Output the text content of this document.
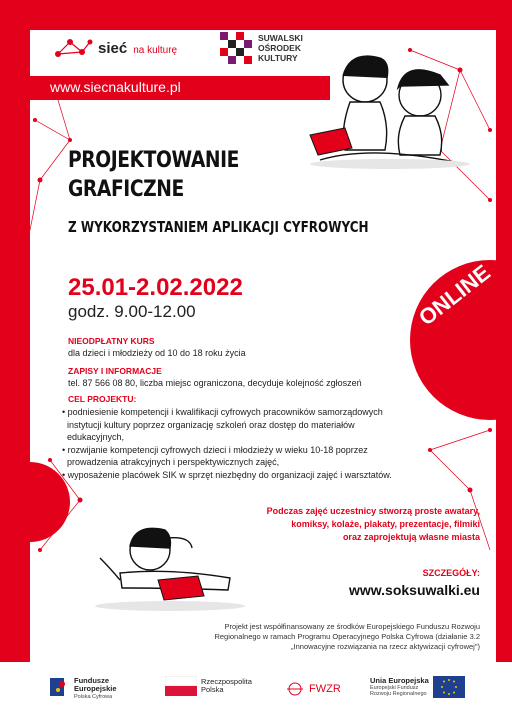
sieć na kulturę
SUWALSKI
OŚRODEK
KULTURY
www.siecnakulture.pl
PROJEKTOWANIE
GRAFICZNE
Z WYKORZYSTANIEM APLIKACJI CYFROWYCH
25.01-2.02.2022
godz. 9.00-12.00	ONLINE
NIEODPŁATNY KURS
dla dzieci i młodzieży od 10 do 18 roku życia
ZAPISY I INFORMACJE
tel. 87 566 08 80, liczba miejsc ograniczona, decyduje kolejność zgłoszeń
CEL PROJEKTU:
• podniesienie kompetencji i kwalifikacji cyfrowych pracowników samorządowych
instytucji kultury poprzez organizację szkoleń oraz dostęp do materiałów
edukacyjnych,
• rozwijanie kompetencji cyfrowych dzieci i młodzieży w wieku 10-18 poprzez
prowadzenia atrakcyjnych i perspektywicznych zajęć,
• wyposażenie placówek SIK w sprzęt niezbędny do organizacji zajęć i warsztatów.
Podczas zajęć uczestnicy stworzą proste awatary,
komiksy, kolaże, plakaty, prezentacje, filmiki
oraz zaprojektują własne miasta
SZCZEGÓŁY:
www.soksuwalki.eu
Projekt jest współfinansowany ze środków Europejskiego Funduszu Rozwoju
Regionalnego w ramach Programu Operacyjnego Polska Cyfrowa (działanie 3.2
„Innowacyjne rozwiązania na rzecz aktywizacji cyfrowej")
Fundusze
Europejskie
Polska Cyfrowa
Rzeczpospolita
Polska	FWZR
Unia Europejska
Europejski Fundusz
Rozwoju Regionalnego
